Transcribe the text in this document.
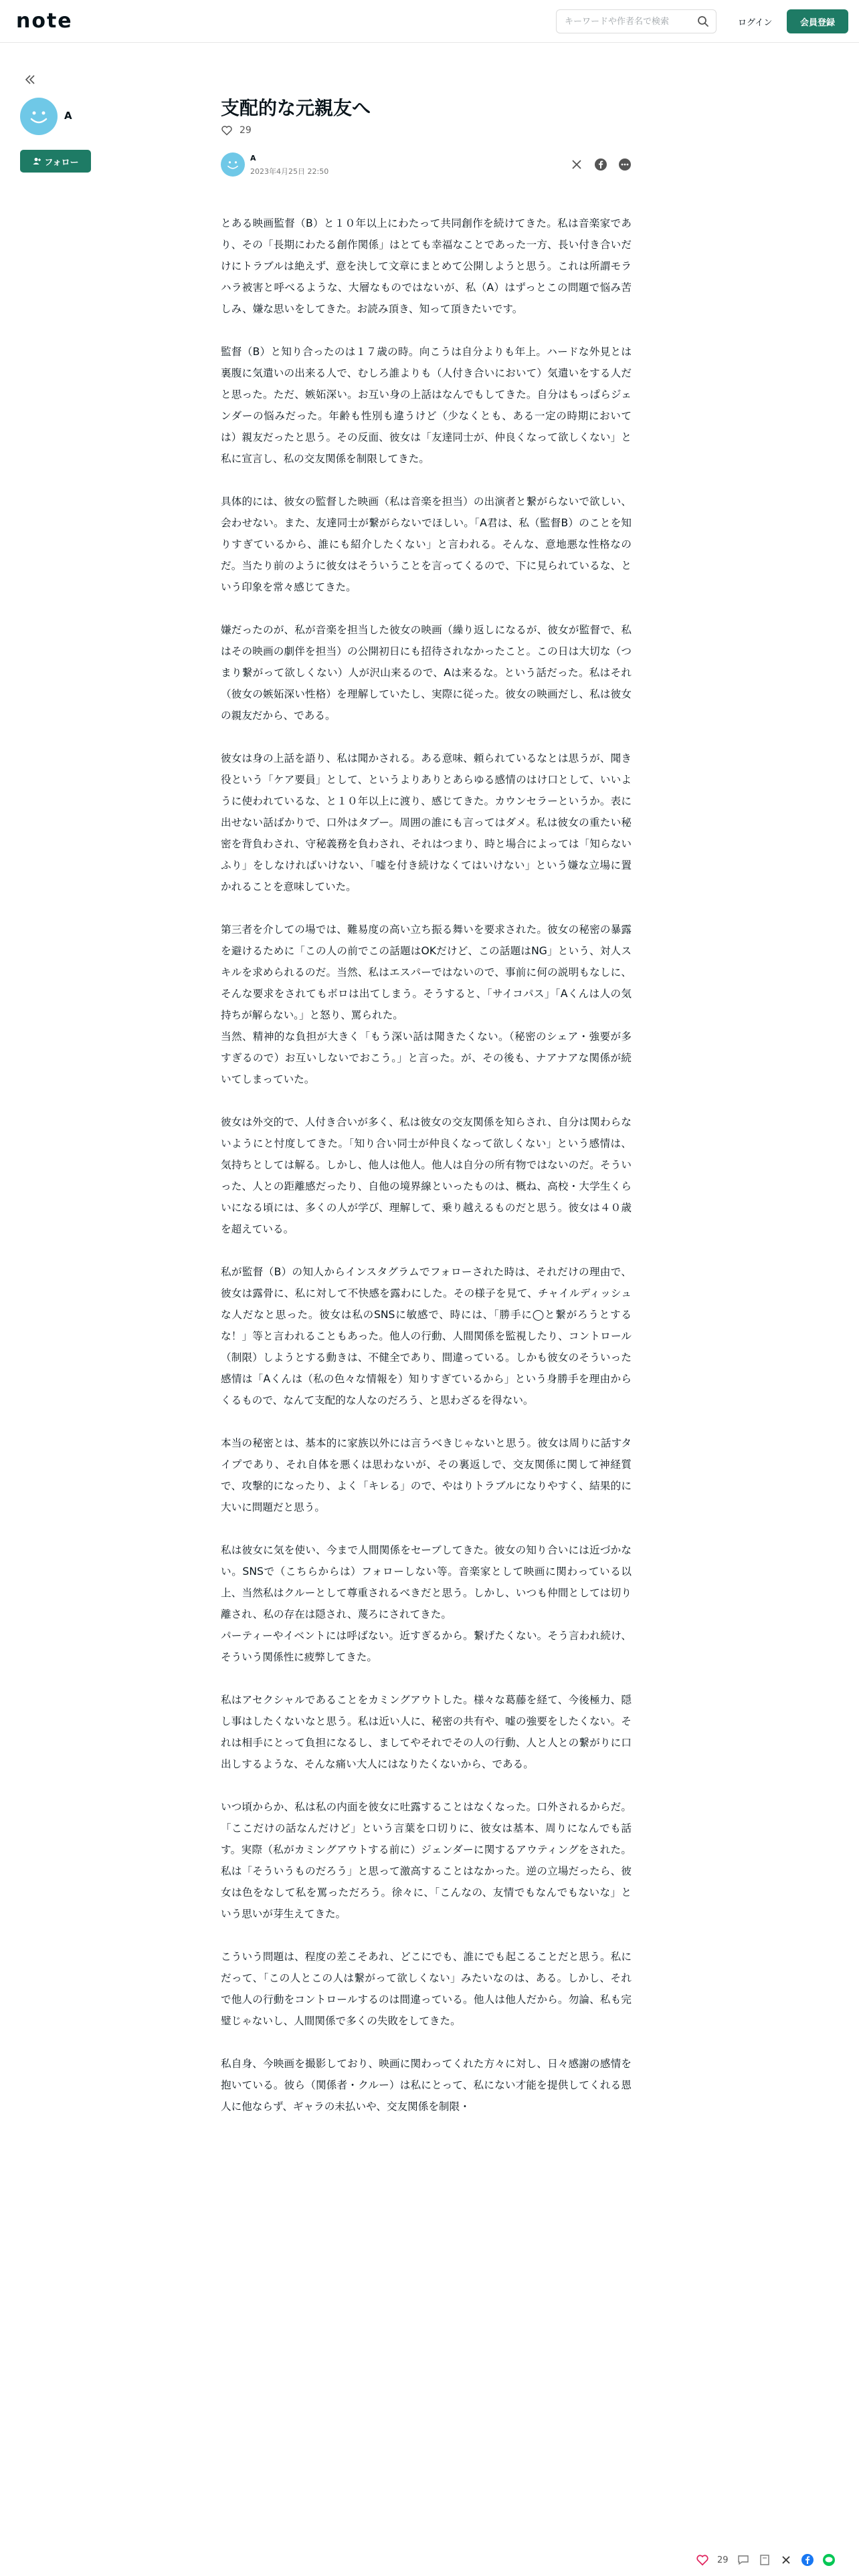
note
キーワードや作者名で検索	ログイン	会員登録
A
フォロー
支配的な元親友へ
29
A
2023年4月25日 22:50

とある映画監督（B）と１０年以上にわたって共同創作を続けてきた。私は音楽家であり、その「長期にわたる創作関係」はとても幸福なことであった一方、長い付き合いだけにトラブルは絶えず、意を決して文章にまとめて公開しようと思う。これは所謂モラハラ被害と呼べるような、大層なものではないが、私（A）はずっとこの問題で悩み苦しみ、嫌な思いをしてきた。お読み頂き、知って頂きたいです。

監督（B）と知り合ったのは１７歳の時。向こうは自分よりも年上。ハードな外見とは裏腹に気遣いの出来る人で、むしろ誰よりも（人付き合いにおいて）気遣いをする人だと思った。ただ、嫉妬深い。お互い身の上話はなんでもしてきた。自分はもっぱらジェンダーの悩みだった。年齢も性別も違うけど（少なくとも、ある一定の時期においては）親友だったと思う。その反面、彼女は「友達同士が、仲良くなって欲しくない」と私に宣言し、私の交友関係を制限してきた。

具体的には、彼女の監督した映画（私は音楽を担当）の出演者と繋がらないで欲しい、会わせない。また、友達同士が繋がらないでほしい。「A君は、私（監督B）のことを知りすぎているから、誰にも紹介したくない」と言われる。そんな、意地悪な性格なのだ。当たり前のように彼女はそういうことを言ってくるので、下に見られているな、という印象を常々感じてきた。

嫌だったのが、私が音楽を担当した彼女の映画（繰り返しになるが、彼女が監督で、私はその映画の劇伴を担当）の公開初日にも招待されなかったこと。この日は大切な（つまり繋がって欲しくない）人が沢山来るので、Aは来るな。という話だった。私はそれ（彼女の嫉妬深い性格）を理解していたし、実際に従った。彼女の映画だし、私は彼女の親友だから、である。

彼女は身の上話を語り、私は聞かされる。ある意味、頼られているなとは思うが、聞き役という「ケア要員」として、というよりありとあらゆる感情のはけ口として、いいように使われているな、と１０年以上に渡り、感じてきた。カウンセラーというか。表に出せない話ばかりで、口外はタブー。周囲の誰にも言ってはダメ。私は彼女の重たい秘密を背負わされ、守秘義務を負わされ、それはつまり、時と場合によっては「知らないふり」をしなければいけない、「嘘を付き続けなくてはいけない」という嫌な立場に置かれることを意味していた。

第三者を介しての場では、難易度の高い立ち振る舞いを要求された。彼女の秘密の暴露を避けるために「この人の前でこの話題はOKだけど、この話題はNG」という、対人スキルを求められるのだ。当然、私はエスパーではないので、事前に何の説明もなしに、そんな要求をされてもボロは出てしまう。そうすると、「サイコパス」「Aくんは人の気持ちが解らない。」と怒り、罵られた。
当然、精神的な負担が大きく「もう深い話は聞きたくない。（秘密のシェア・強要が多すぎるので）お互いしないでおこう。」と言った。が、その後も、ナアナアな関係が続いてしまっていた。

彼女は外交的で、人付き合いが多く、私は彼女の交友関係を知らされ、自分は関わらないようにと忖度してきた。「知り合い同士が仲良くなって欲しくない」という感情は、気持ちとしては解る。しかし、他人は他人。他人は自分の所有物ではないのだ。そういった、人との距離感だったり、自他の境界線といったものは、概ね、高校・大学生くらいになる頃には、多くの人が学び、理解して、乗り越えるものだと思う。彼女は４０歳を超えている。

私が監督（B）の知人からインスタグラムでフォローされた時は、それだけの理由で、彼女は露骨に、私に対して不快感を露わにした。その様子を見て、チャイルディッシュな人だなと思った。彼女は私のSNSに敏感で、時には、「勝手に◯と繋がろうとするな！」等と言われることもあった。他人の行動、人間関係を監視したり、コントロール（制限）しようとする動きは、不健全であり、間違っている。しかも彼女のそういった感情は「Aくんは（私の色々な情報を）知りすぎているから」という身勝手を理由からくるもので、なんて支配的な人なのだろう、と思わざるを得ない。

本当の秘密とは、基本的に家族以外には言うべきじゃないと思う。彼女は周りに話すタイプであり、それ自体を悪くは思わないが、その裏返しで、交友関係に関して神経質で、攻撃的になったり、よく「キレる」ので、やはりトラブルになりやすく、結果的に大いに問題だと思う。

私は彼女に気を使い、今まで人間関係をセーブしてきた。彼女の知り合いには近づかない。SNSで（こちらからは）フォローしない等。音楽家として映画に関わっている以上、当然私はクルーとして尊重されるべきだと思う。しかし、いつも仲間としては切り離され、私の存在は隠され、蔑ろにされてきた。
パーティーやイベントには呼ばない。近すぎるから。繋げたくない。そう言われ続け、そういう関係性に疲弊してきた。

私はアセクシャルであることをカミングアウトした。様々な葛藤を経て、今後極力、隠し事はしたくないなと思う。私は近い人に、秘密の共有や、嘘の強要をしたくない。それは相手にとって負担になるし、ましてやそれでその人の行動、人と人との繋がりに口出しするような、そんな痛い大人にはなりたくないから、である。

いつ頃からか、私は私の内面を彼女に吐露することはなくなった。口外されるからだ。「ここだけの話なんだけど」という言葉を口切りに、彼女は基本、周りになんでも話す。実際（私がカミングアウトする前に）ジェンダーに関するアウティングをされた。私は「そういうものだろう」と思って激高することはなかった。逆の立場だったら、彼女は色をなして私を罵っただろう。徐々に、「こんなの、友情でもなんでもないな」という思いが芽生えてきた。

こういう問題は、程度の差こそあれ、どこにでも、誰にでも起こることだと思う。私にだって、「この人とこの人は繋がって欲しくない」みたいなのは、ある。しかし、それで他人の行動をコントロールするのは間違っている。他人は他人だから。勿論、私も完璧じゃないし、人間関係で多くの失敗をしてきた。

私自身、今映画を撮影しており、映画に関わってくれた方々に対し、日々感謝の感情を抱いている。彼ら（関係者・クルー）は私にとって、私にない才能を提供してくれる恩人に他ならず、ギャラの未払いや、交友関係を制限・

29
